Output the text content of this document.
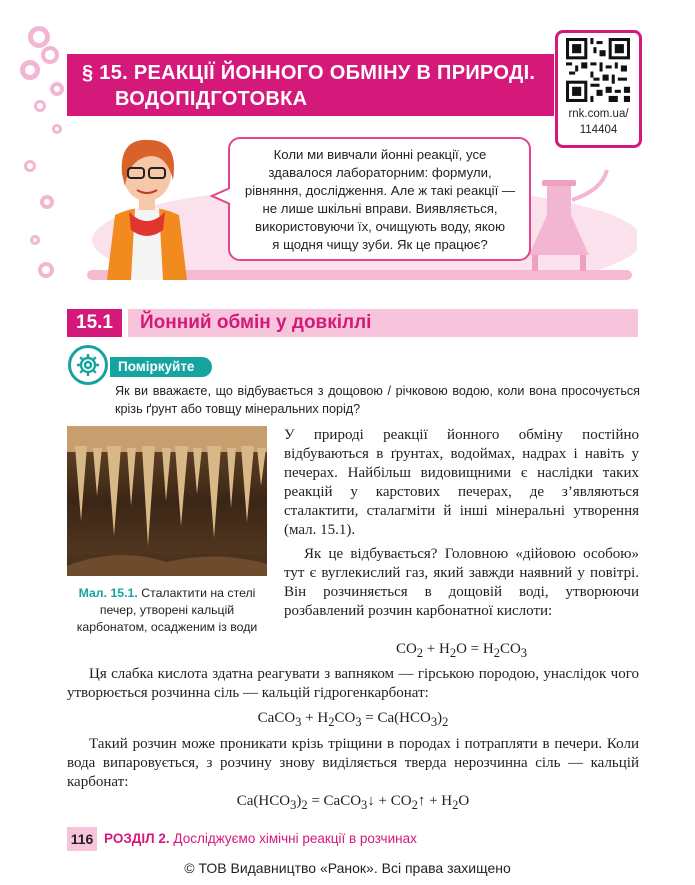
§ 15. РЕАКЦІЇ ЙОННОГО ОБМІНУ В ПРИРОДІ.
ВОДОПІДГОТОВКА
rnk.com.ua/
114404
Коли ми вивчали йонні реакції, усе
здавалося лабораторним: формули,
рівняння, дослідження. Але ж такі реакції —
не лише шкільні вправи. Виявляється,
використовуючи їх, очищують воду, якою
я щодня чищу зуби. Як це працює?
15.1	Йонний обмін у довкіллі
Поміркуйте
Як ви вважаєте, що відбувається з дощовою / річковою водою, коли вона просочується крізь ґрунт або товщу мінеральних порід?
Мал. 15.1. Сталактити на стелі печер, утворені кальцій карбонатом, осадженим із води
У природі реакції йонного обміну постійно відбуваються в ґрунтах, водоймах, надрах і навіть у печерах. Найбільш видовищними є наслідки таких реакцій у карстових печерах, де з’являються сталактити, сталагміти й інші мінеральні утворення (мал. 15.1).
Як це відбувається? Головною «дійовою особою» тут є вуглекислий газ, який завжди наявний у повітрі. Він розчиняється в дощовій воді, утворюючи розбавлений розчин карбонатної кислоти:
$CO_2 + H_2O = H_2CO_3$
Ця слабка кислота здатна реагувати з вапняком — гірською породою, унаслідок чого утворюється розчинна сіль — кальцій гідрогенкарбонат:
CaCO$_3$ + $H_2CO_3 = Ca(HCO_3)_2$
Такий розчин може проникати крізь тріщини в породах і потрапляти в печери. Коли вода випаровується, з розчину знову виділяється тверда нерозчинна сіль — кальцій карбонат:
$Ca(HCO_3)_2$ = CaCO$_3$↓ + $CO_2↑ + H_2O$
116 РОЗДІЛ 2. Досліджуємо хімічні реакції в розчинах
© ТОВ Видавництво «Ранок». Всі права захищено
